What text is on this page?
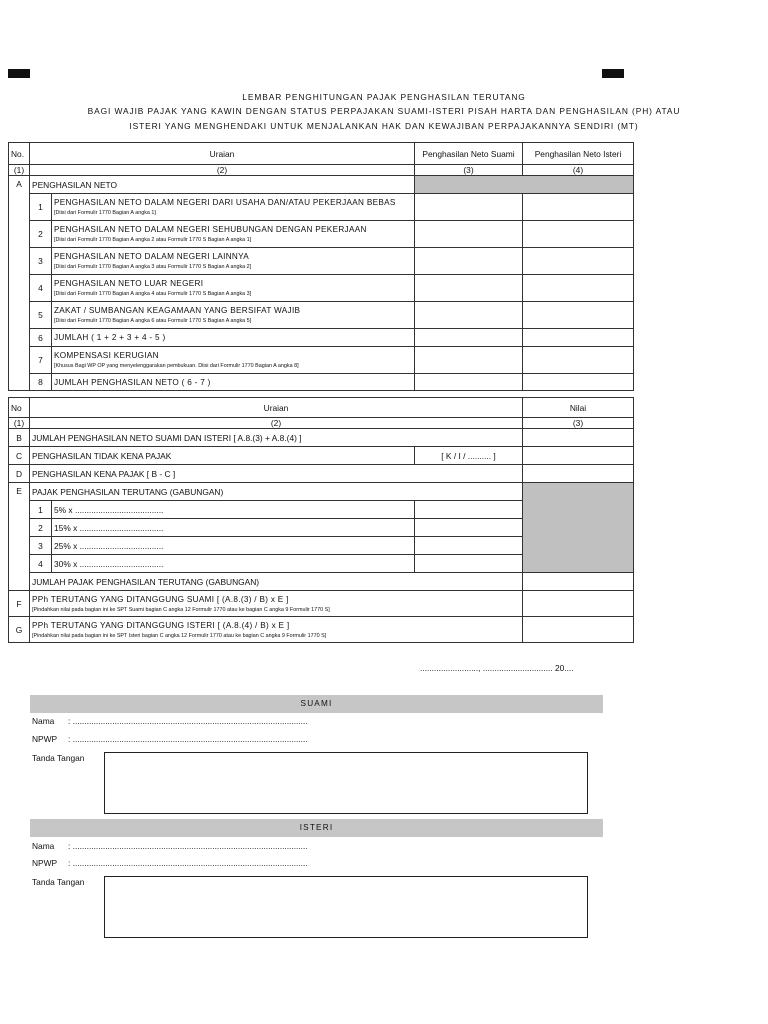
LEMBAR PENGHITUNGAN PAJAK PENGHASILAN TERUTANG
BAGI WAJIB PAJAK YANG KAWIN DENGAN STATUS PERPAJAKAN SUAMI-ISTERI PISAH HARTA DAN PENGHASILAN (PH) ATAU
ISTERI YANG MENGHENDAKI UNTUK MENJALANKAN HAK DAN KEWAJIBAN PERPAJAKANNYA SENDIRI (MT)
No.	Uraian		Penghasilan Neto Suami	Penghasilan Neto Isteri
(1)	(2)		(3)	(4)
A	PENGHASILAN NETO			
	1	PENGHASILAN NETO DALAM NEGERI DARI USAHA DAN/ATAU PEKERJAAN BEBAS
[Diisi dari Formulir 1770 Bagian A angka 1]		

	2	PENGHASILAN NETO DALAM NEGERI SEHUBUNGAN DENGAN PEKERJAAN
[Diisi dari Formulir 1770 Bagian A angka 2 atau Formulir 1770 S Bagian A angka 1]		

	3	PENGHASILAN NETO DALAM NEGERI LAINNYA
[Diisi dari Formulir 1770 Bagian A angka 3 atau Formulir 1770 S Bagian A angka 2]		

	4	PENGHASILAN NETO LUAR NEGERI
[Diisi dari Formulir 1770 Bagian A angka 4 atau Formulir 1770 S Bagian A angka 3]		

	5	ZAKAT / SUMBANGAN KEAGAMAAN YANG BERSIFAT WAJIB
[Diisi dari Formulir 1770 Bagian A angka 6 atau Formulir 1770 S Bagian A angka 5]		

	6	JUMLAH ( 1 + 2 + 3 + 4 - 5 )		

	7	KOMPENSASI KERUGIAN
[Khusus Bagi WP OP yang menyelenggarakan pembukuan. Diisi dari Formulir 1770 Bagian A angka 8]		

	8	JUMLAH PENGHASILAN NETO ( 6 - 7 )		

No	Uraian			Nilai
(1)	(2)			(3)
B	JUMLAH PENGHASILAN NETO SUAMI DAN ISTERI [ A.8.(3) + A.8.(4) ]			
C	PENGHASILAN TIDAK KENA PAJAK		[ K / I / .......... ]	
D	PENGHASILAN KENA PAJAK [ B - C ]			
E	PAJAK PENGHASILAN TERUTANG (GABUNGAN)			
	1	5% x ......................................		
	2	15% x ....................................		
	3	25% x ....................................		
	4	30% x ....................................		
	JUMLAH PAJAK PENGHASILAN TERUTANG (GABUNGAN)			
F	PPh TERUTANG YANG DITANGGUNG SUAMI [ (A.8.(3) / B) x E ]
[Pindahkan nilai pada bagian ini ke SPT Suami bagian C angka 12 Formulir 1770 atau ke bagian C angka 9 Formulir 1770 S]			

G	PPh TERUTANG YANG DITANGGUNG ISTERI [ (A.8.(4) / B) x E ]
[Pindahkan nilai pada bagian ini ke SPT Isteri bagian C angka 12 Formulir 1770 atau ke bagian C angka 9 Formulir 1770 S]			

........................., .............................. 20....
SUAMI
Nama : .....................................................................................................
NPWP : .....................................................................................................
Tanda Tangan
ISTERI
Nama : .....................................................................................................
NPWP : .....................................................................................................
Tanda Tangan
